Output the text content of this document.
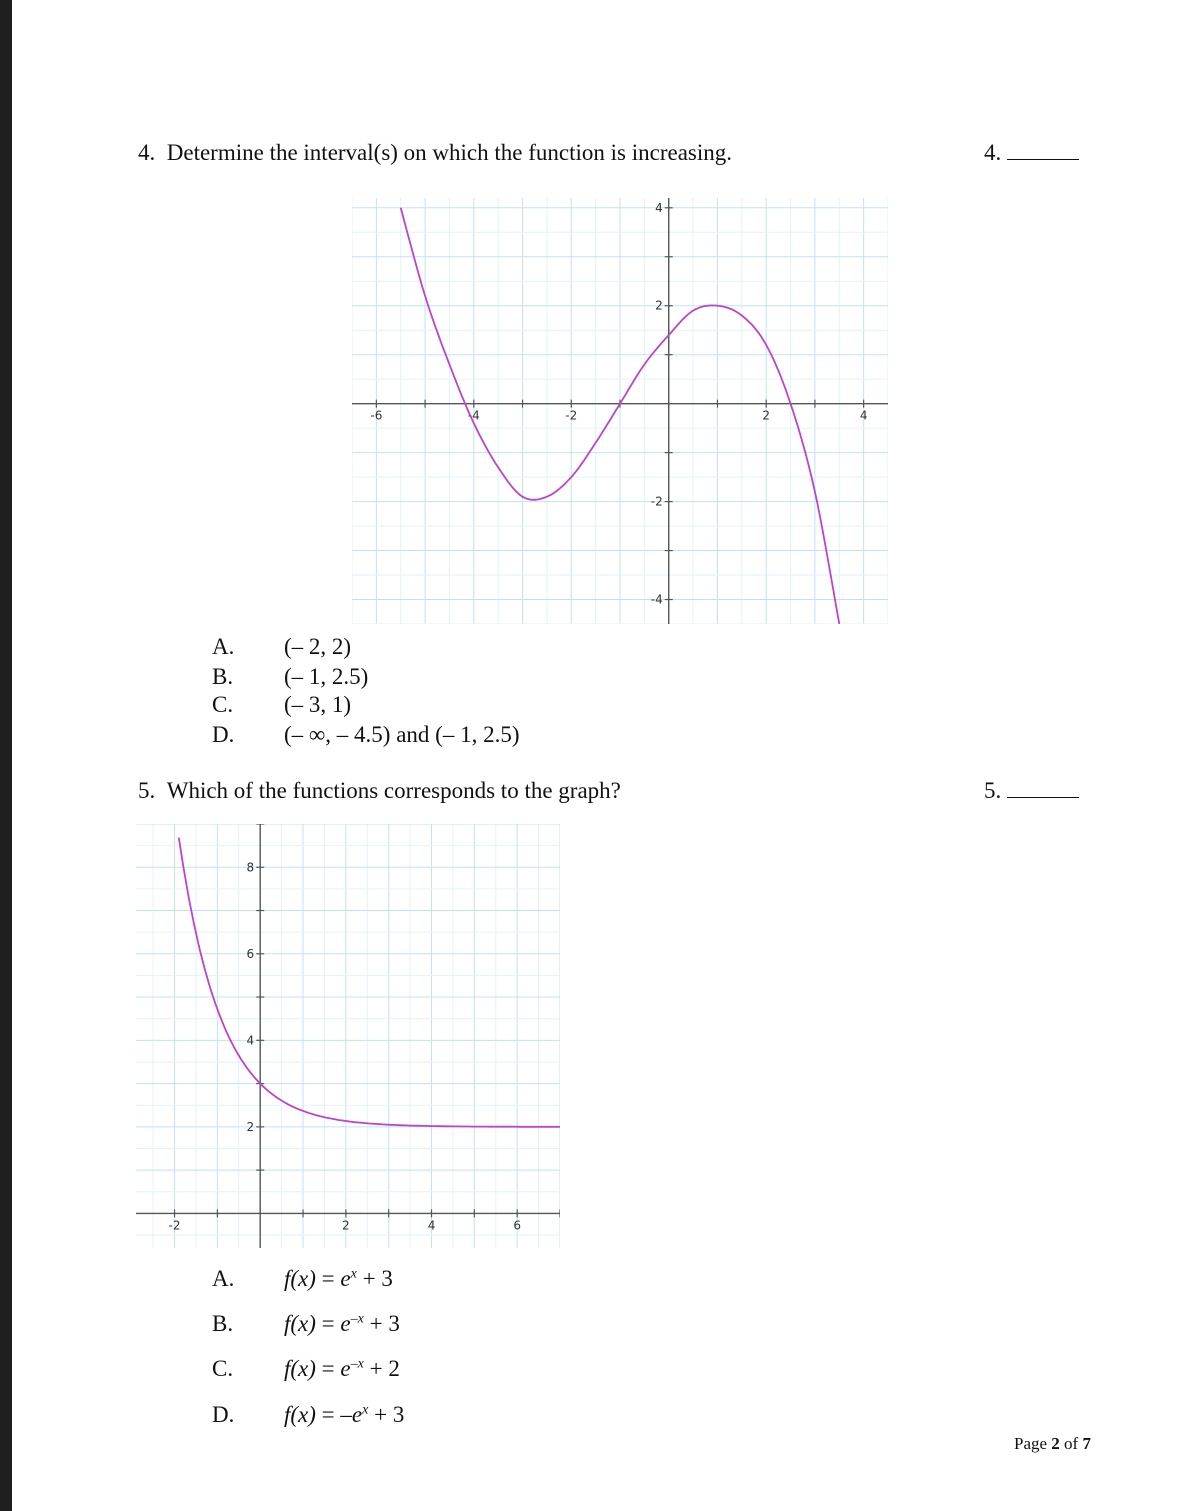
4. Determine the interval(s) on which the function is increasing.	4.
-6	-4	-2	2	4
-4
-2
2
4
A. (– 2, 2)
B. (– 1, 2.5)
C. (– 3, 1)
D. (– ∞, – 4.5) and (– 1, 2.5)
5. Which of the functions corresponds to the graph?	5.
-2	2	4	6
2
4
6
8
A. $f(x) = e^x + 3$
B. $f(x) = e^{-x} + 3$
C. $f(x) = e^{-x} + 2$
D. $f(x) = -e^x + 3$
Page 2 of 7
